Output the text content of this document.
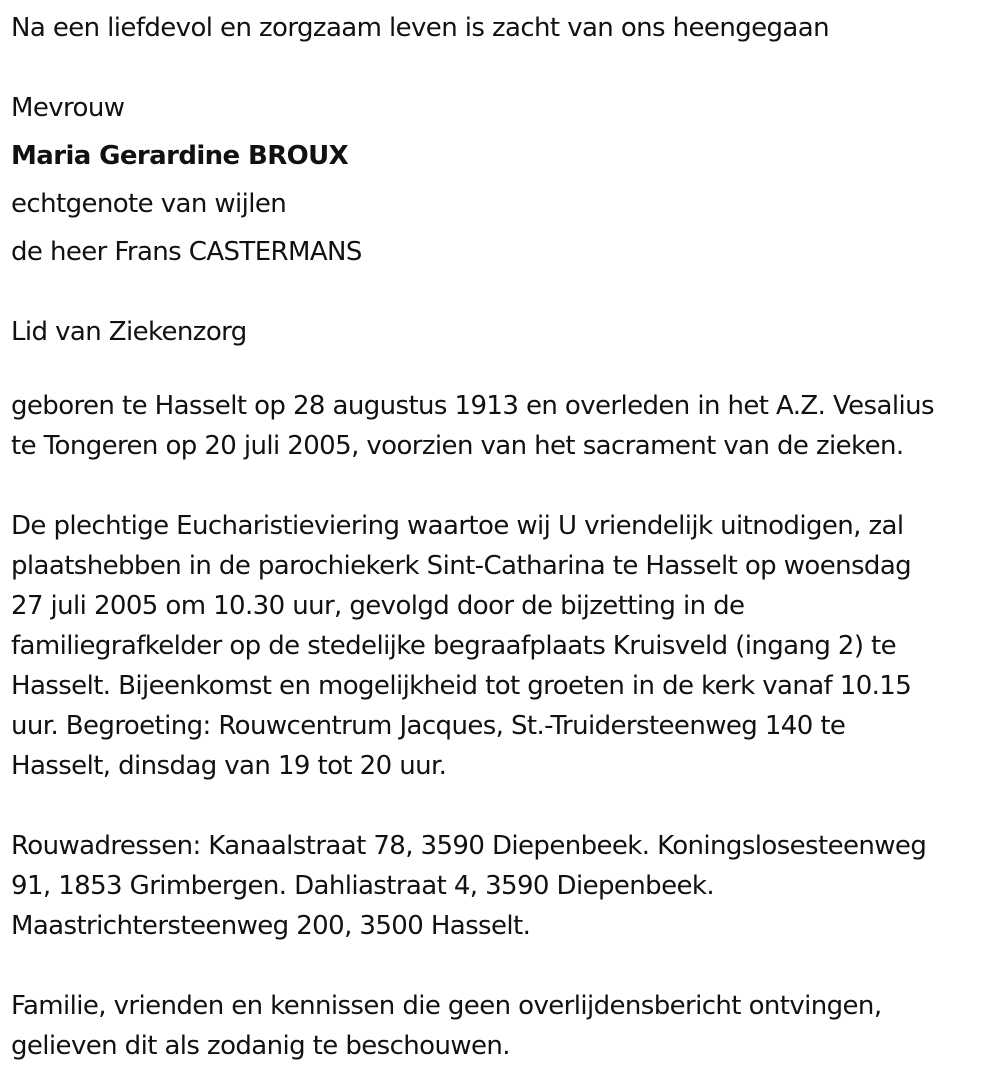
Na een liefdevol en zorgzaam leven is zacht van ons heengegaan
Mevrouw
Maria Gerardine BROUX
echtgenote van wijlen
de heer Frans CASTERMANS
Lid van Ziekenzorg
geboren te Hasselt op 28 augustus 1913 en overleden in het A.Z. Vesalius
te Tongeren op 20 juli 2005, voorzien van het sacrament van de zieken.
De plechtige Eucharistieviering waartoe wij U vriendelijk uitnodigen, zal
plaatshebben in de parochiekerk Sint-Catharina te Hasselt op woensdag
27 juli 2005 om 10.30 uur, gevolgd door de bijzetting in de
familiegrafkelder op de stedelijke begraafplaats Kruisveld (ingang 2) te
Hasselt. Bijeenkomst en mogelijkheid tot groeten in de kerk vanaf 10.15
uur. Begroeting: Rouwcentrum Jacques, St.-Truidersteenweg 140 te
Hasselt, dinsdag van 19 tot 20 uur.
Rouwadressen: Kanaalstraat 78, 3590 Diepenbeek. Koningslosesteenweg
91, 1853 Grimbergen. Dahliastraat 4, 3590 Diepenbeek.
Maastrichtersteenweg 200, 3500 Hasselt.
Familie, vrienden en kennissen die geen overlijdensbericht ontvingen,
gelieven dit als zodanig te beschouwen.
